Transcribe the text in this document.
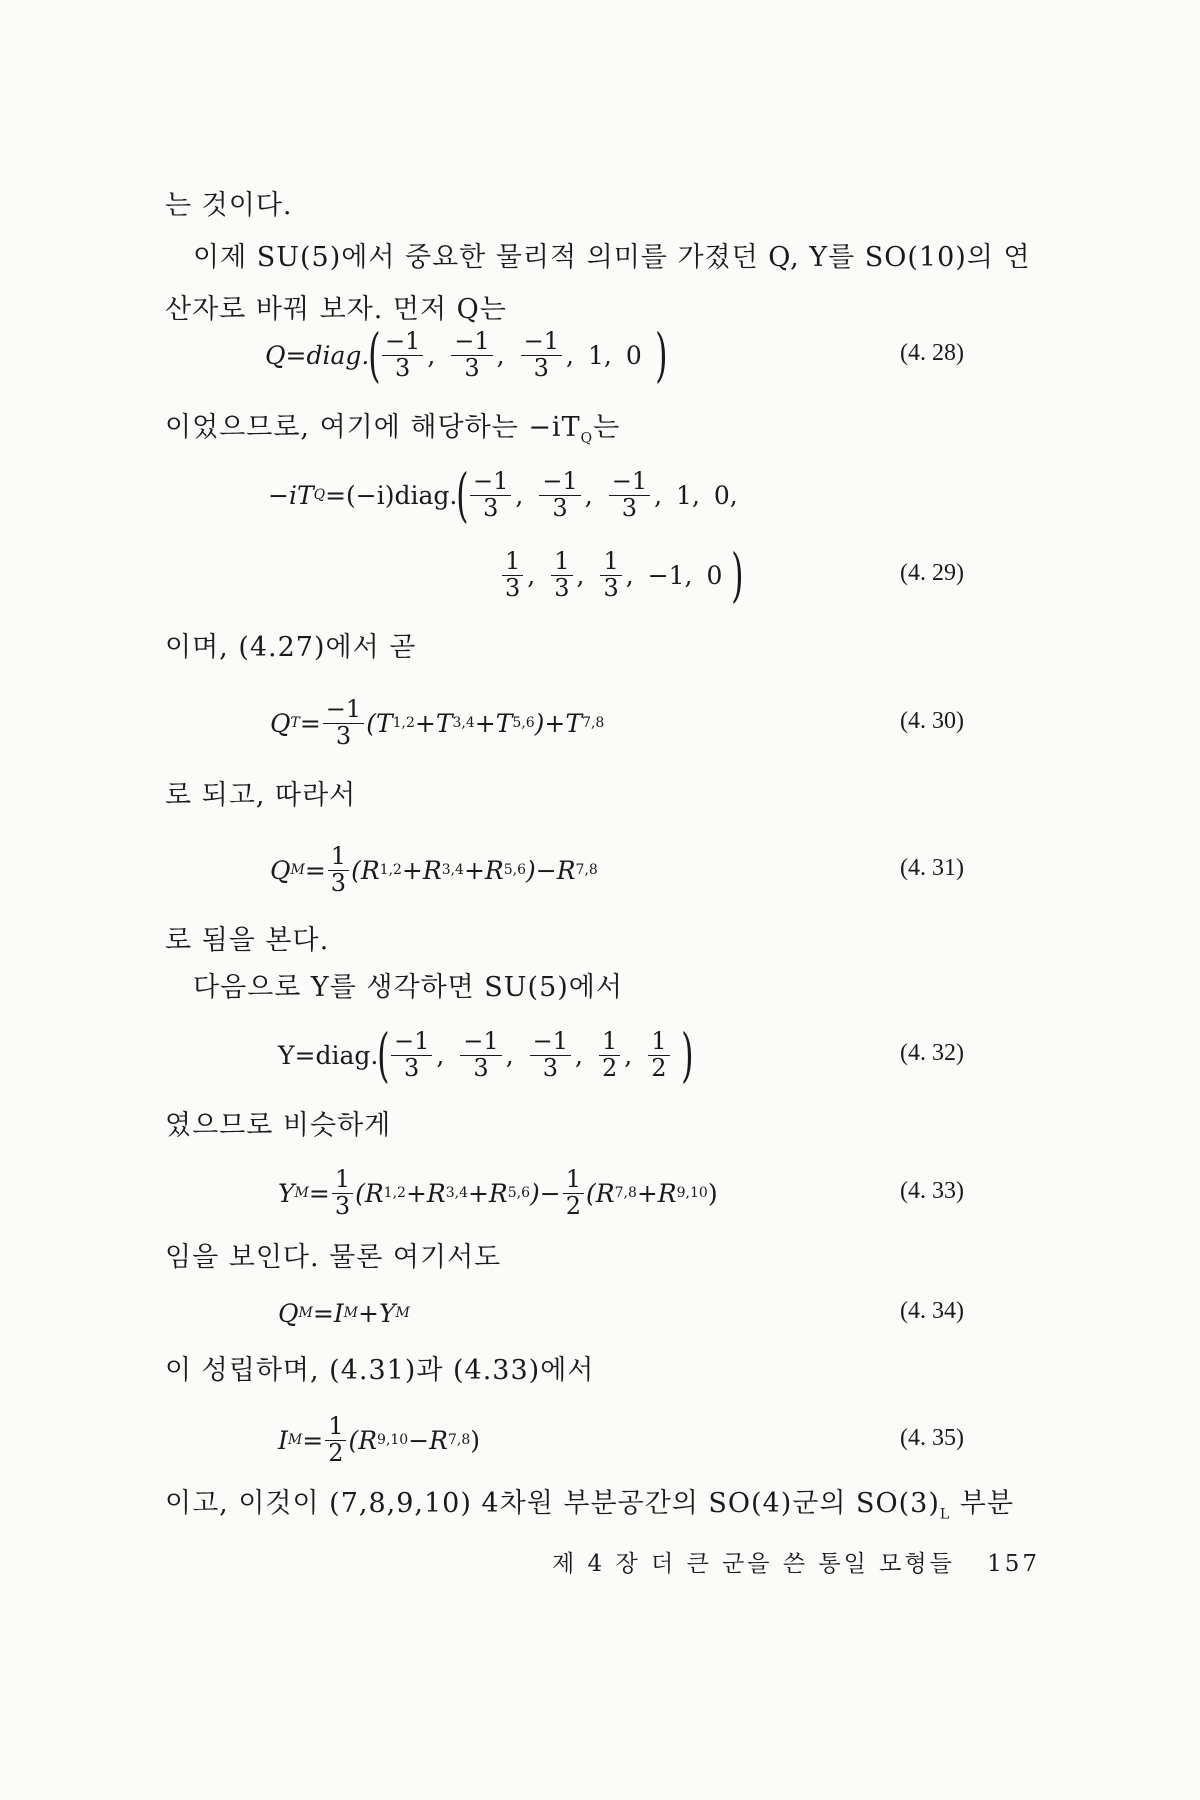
는 것이다.
이제 SU(5)에서 중요한 물리적 의미를 가졌던 Q, Y를 SO(10)의 연산자로 바꿔 보자. 먼저 Q는
Q=diag. ( $\frac{-1}{3}$ , $\frac{-1}{3}$ , $\frac{-1}{3}$ , 1, 0 )	(4. 28)
이었으므로, 여기에 해당하는 $-iT_Q$는
−iT Q =(−i)diag. ( $\frac{-1}{3}$ , $\frac{-1}{3}$ , $\frac{-1}{3}$ , 1, 0,
$\frac{1}{3}$ , $\frac{1}{3}$ , $\frac{1}{3}$ , −1, 0 )	(4. 29)
이며, (4.27)에서 곧
Q $T = \frac{-1}{3} (T$ 1,2 +T 3,4 +T 5,6 )+T 7,8	(4. 30)
로 되고, 따라서
Q $M = \frac{1}{3} (R$ 1,2 +R 3,4 +R 5,6 )−R 7,8	(4. 31)
로 됨을 본다.
다음으로 Y를 생각하면 SU(5)에서
Y=diag. ( $\frac{-1}{3}$ , $\frac{-1}{3}$ , $\frac{-1}{3}$ , $\frac{1}{2}$ , $\frac{1}{2}$ )	(4. 32)
였으므로 비슷하게
Y $M = \frac{1}{3} (R$ 1,2 +R 3,4 +R 5,6 )− $\frac{1}{2} (R$ 7,8 +R 9,10 )	(4. 33)
임을 보인다. 물론 여기서도
Q M =I M +Y M	(4. 34)
이 성립하며, (4.31)과 (4.33)에서
I $M = \frac{1}{2} (R$ 9,10 −R 7,8 )	(4. 35)
이고, 이것이 (7,8,9,10) 4차원 부분공간의 SO(4)군의 $SO(3)_L$ 부분
제 4 장 더 큰 군을 쓴 통일 모형들 157
